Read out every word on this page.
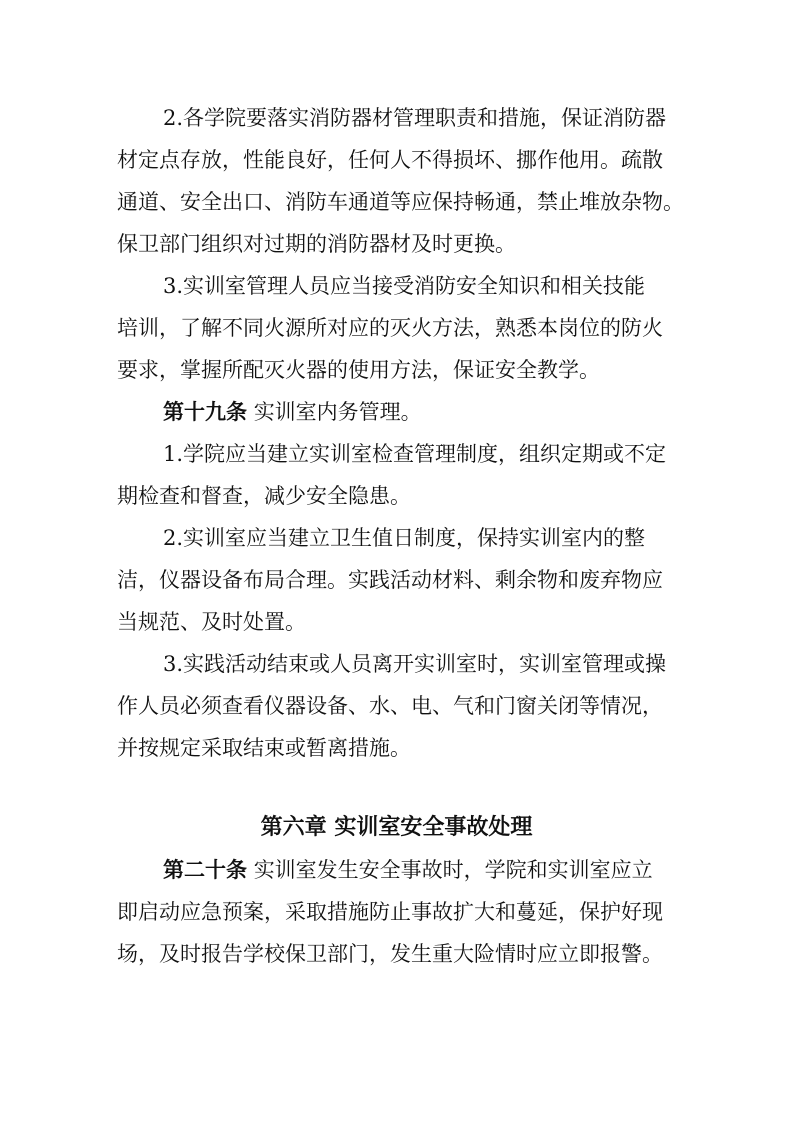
2.各学院要落实消防器材管理职责和措施，保证消防器
材定点存放，性能良好，任何人不得损坏、挪作他用。疏散
通道、安全出口、消防车通道等应保持畅通，禁止堆放杂物。
保卫部门组织对过期的消防器材及时更换。
3.实训室管理人员应当接受消防安全知识和相关技能
培训，了解不同火源所对应的灭火方法，熟悉本岗位的防火
要求，掌握所配灭火器的使用方法，保证安全教学。
第十九条 实训室内务管理。
1.学院应当建立实训室检查管理制度，组织定期或不定
期检查和督查，减少安全隐患。
2.实训室应当建立卫生值日制度，保持实训室内的整
洁，仪器设备布局合理。实践活动材料、剩余物和废弃物应
当规范、及时处置。
3.实践活动结束或人员离开实训室时，实训室管理或操
作人员必须查看仪器设备、水、电、气和门窗关闭等情况，
并按规定采取结束或暂离措施。
第六章 实训室安全事故处理
第二十条 实训室发生安全事故时，学院和实训室应立
即启动应急预案，采取措施防止事故扩大和蔓延，保护好现
场，及时报告学校保卫部门，发生重大险情时应立即报警。
